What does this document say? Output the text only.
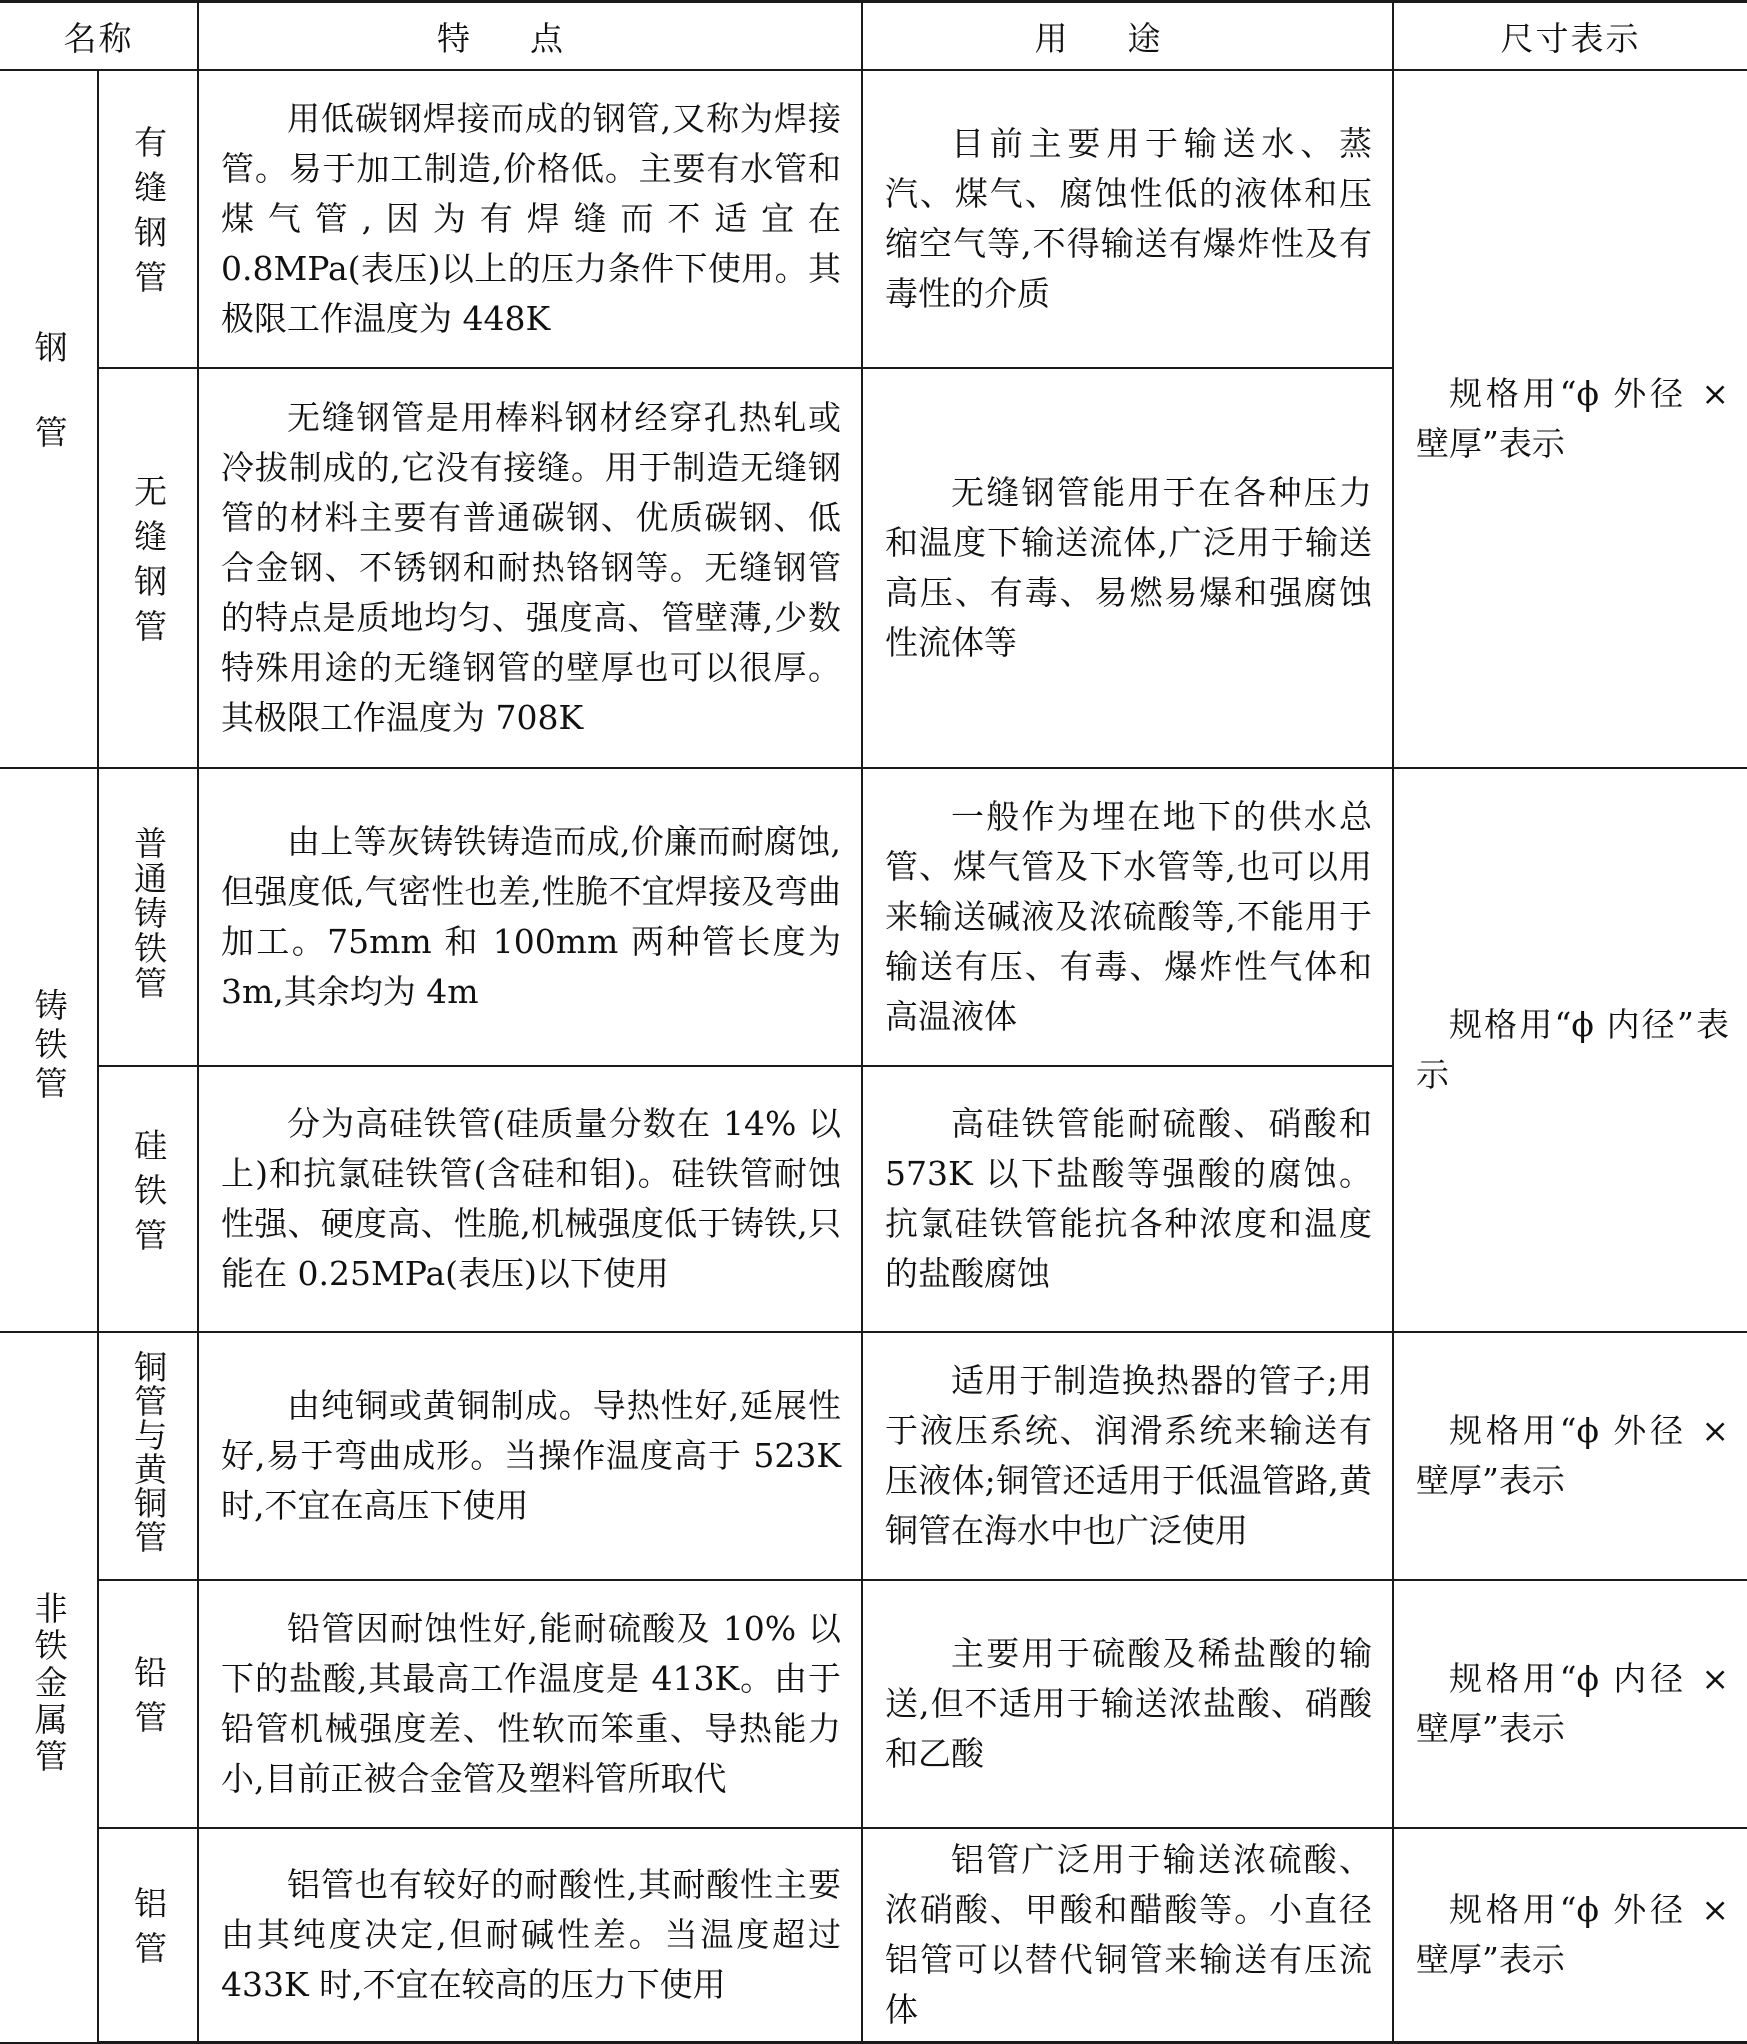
名称		特点	用途	尺寸表示
钢管	有缝钢管	用低碳钢焊接而成的钢管,又称为焊接管。易于加工制造,价格低。主要有水管和煤气管,因为有焊缝而不适宜在 0.8MPa(表压)以上的压力条件下使用。其极限工作温度为 448K	目前主要用于输送水、蒸汽、煤气、腐蚀性低的液体和压缩空气等,不得输送有爆炸性及有毒性的介质	规格用“ϕ 外径 × 壁厚”表示
	无缝钢管	无缝钢管是用棒料钢材经穿孔热轧或冷拔制成的,它没有接缝。用于制造无缝钢管的材料主要有普通碳钢、优质碳钢、低合金钢、不锈钢和耐热铬钢等。无缝钢管的特点是质地均匀、强度高、管壁薄,少数特殊用途的无缝钢管的壁厚也可以很厚。其极限工作温度为 708K	无缝钢管能用于在各种压力和温度下输送流体,广泛用于输送高压、有毒、易燃易爆和强腐蚀性流体等	
铸铁管	普通铸铁管	由上等灰铸铁铸造而成,价廉而耐腐蚀,但强度低,气密性也差,性脆不宜焊接及弯曲加工。75mm 和 100mm 两种管长度为 3m,其余均为 4m	一般作为埋在地下的供水总管、煤气管及下水管等,也可以用来输送碱液及浓硫酸等,不能用于输送有压、有毒、爆炸性气体和高温液体	规格用“ϕ 内径”表示
	硅铁管	分为高硅铁管(硅质量分数在 14% 以上)和抗氯硅铁管(含硅和钼)。硅铁管耐蚀性强、硬度高、性脆,机械强度低于铸铁,只能在 0.25MPa(表压)以下使用	高硅铁管能耐硫酸、硝酸和 573K 以下盐酸等强酸的腐蚀。抗氯硅铁管能抗各种浓度和温度的盐酸腐蚀	
非铁金属管	铜管与黄铜管	由纯铜或黄铜制成。导热性好,延展性好,易于弯曲成形。当操作温度高于 523K 时,不宜在高压下使用	适用于制造换热器的管子;用于液压系统、润滑系统来输送有压液体;铜管还适用于低温管路,黄铜管在海水中也广泛使用	规格用“ϕ 外径 × 壁厚”表示
	铅管	铅管因耐蚀性好,能耐硫酸及 10% 以下的盐酸,其最高工作温度是 413K。由于铅管机械强度差、性软而笨重、导热能力小,目前正被合金管及塑料管所取代	主要用于硫酸及稀盐酸的输送,但不适用于输送浓盐酸、硝酸和乙酸	规格用“ϕ 内径 × 壁厚”表示
	铝管	铝管也有较好的耐酸性,其耐酸性主要由其纯度决定,但耐碱性差。当温度超过 433K 时,不宜在较高的压力下使用	铝管广泛用于输送浓硫酸、浓硝酸、甲酸和醋酸等。小直径铝管可以替代铜管来输送有压流体	规格用“ϕ 外径 × 壁厚”表示
